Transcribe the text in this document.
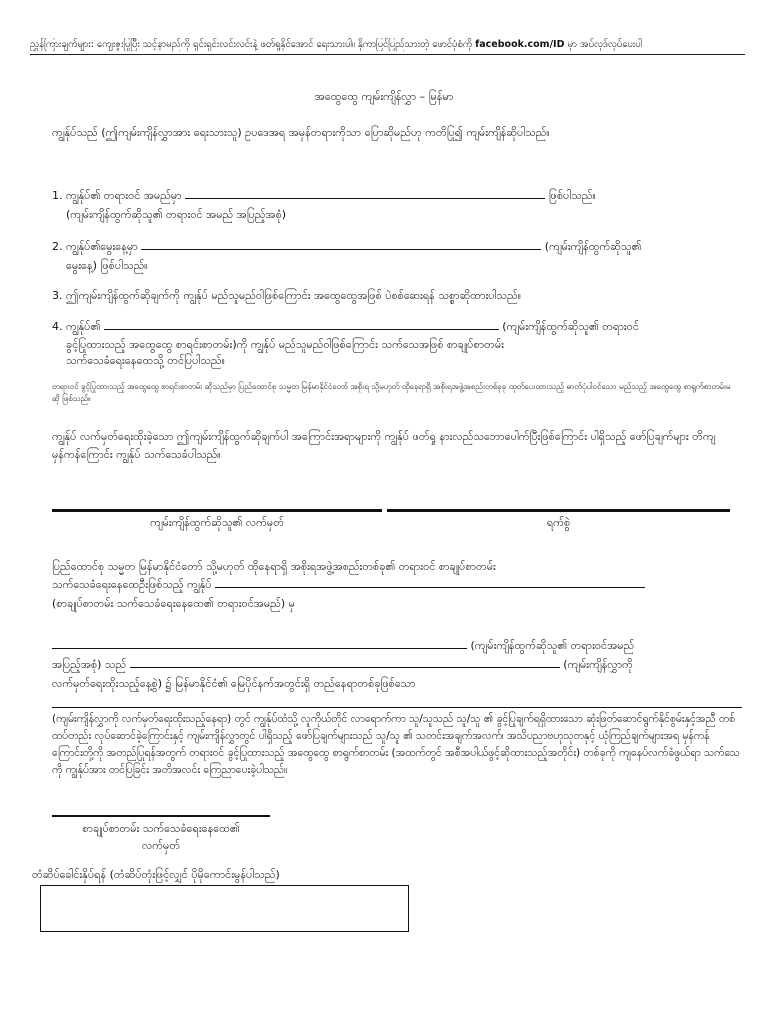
ညွှန်ကြားချက်များ: ကျေးဇူးပြုပြီး သင့်နာမည်ကို ရှင်းရှင်းလင်းလင်းနဲ့ ဖတ်ရှုနိုင်အောင် ရေးသားပါ။ နိုကာပြင်ပြည်သားတဲ့ ဖောင်ပုံစံကို facebook.com/ID မှာ အပ်လုဒ်လုပ်ပေးပါ
အထွေထွေ ကျမ်းကျိန်လွှာ – မြန်မာ
ကျွန်ုပ်သည် (ဤကျမ်းကျိန်လွှာအား ရေးသားသူ) ဥပဒေအရ အမှန်တရားကိုသာ ပြောဆိုမည်ဟု ကတိပြု၍ ကျမ်းကျိန်ဆိုပါသည်။
1. ကျွန်ုပ်၏ တရားဝင် အမည်မှာ	ဖြစ်ပါသည်။
(ကျမ်းကျိန်ထွက်ဆိုသူ၏ တရားဝင် အမည် အပြည့်အစုံ)
2. ကျွန်ုပ်၏မွေးနေ့မှာ	(ကျမ်းကျိန်ထွက်ဆိုသူ၏
မွေးနေ့) ဖြစ်ပါသည်။
3. ဤကျမ်းကျိန်ထွက်ဆိုချက်ကို ကျွန်ုပ် မည်သူမည်ဝါဖြစ်ကြောင်း အထွေထွေအဖြစ် ပဲစစ်ဆေးရန် သစ္စာဆိုထားပါသည်။
4. ကျွန်ုပ်၏	(ကျမ်းကျိန်ထွက်ဆိုသူ၏ တရားဝင်
ခွင့်ပြုထားသည့် အထွေထွေ စာရင်းစာတမ်း)ကို ကျွန်ုပ် မည်သူမည်ဝါဖြစ်ကြောင်း သက်သေအဖြစ် စာချုပ်စာတမ်း
သက်သေခံရေးနေထေသို့ တင်ပြပါသည်။
တရားဝင် ခွင့်ပြုထားသည့် အထွေထွေ စာရင်းစာတမ်း ဆိုသည်မှာ ပြည်ထောင်စု သမ္မတ မြန်မာနိုင်ငံတော် အစိုးရ သို့မဟုတ် ထိုနေရာရှိ အစိုးရအဖွဲ့အစည်းတစ်ခုခု ထုတ်ပေးထားသည့် ဓာတ်ပုံပါဝင်သော မည်သည့် အထွေထွေ စာရွက်စာတမ်းမဆို ဖြစ်သည်။
ကျွန်ုပ် လက်မှတ်ရေးထိုးခဲ့သော ဤကျမ်းကျိန်ထွက်ဆိုချက်ပါ အကြောင်းအရာများကို ကျွန်ုပ် ဖတ်ရှု နားလည်သဘောပေါက်ပြီးဖြစ်ကြောင်း ပါရှိသည့် ဖော်ပြချက်များ တိကျမှန်ကန်ကြောင်း ကျွန်ုပ် သက်သေခံပါသည်။
ကျမ်းကျိန်ထွက်ဆိုသူ၏ လက်မှတ်	ရက်စွဲ
ပြည်ထောင်စု သမ္မတ မြန်မာနိုင်ငံတော် သို့မဟုတ် ထိုနေရာရှိ အစိုးရအဖွဲ့အစည်းတစ်ခု၏ တရားဝင် စာချုပ်စာတမ်း
သက်သေခံရေးနေထေဦးဖြစ်သည့် ကျွန်ုပ်
(စာချုပ်စာတမ်း သက်သေခံရေးနေထေ၏ တရားဝင်အမည်) မှ
(ကျမ်းကျိန်ထွက်ဆိုသူ၏ တရားဝင်အမည်
အပြည့်အစုံ) သည်	(ကျမ်းကျိန်လွှာကို
လက်မှတ်ရေးထိုးသည့်နေ့စွဲ) ၌ မြန်မာနိုင်ငံ၏ မြေပိုင်နက်အတွင်းရှိ တည်နေရာတစ်ခုဖြစ်သော
(ကျမ်းကျိန်လွှာကို လက်မှတ်ရေးထိုးသည့်နေရာ) တွင် ကျွန်ုပ်ထံသို့ လူကိုယ်တိုင် လာရောက်ကာ သူ/သူသည် သူ/သူ ၏ ခွင့်ပြုချက်ရရှိထားသော ဆုံးဖြတ်ဆောင်ရွက်နိုင်စွမ်းနှင့်အညီ တစ်ထပ်တည်း လုပ်ဆောင်ခဲ့ကြောင်းနှင့် ကျမ်းကျိန်လွှာတွင် ပါရှိသည့် ဖော်ပြချက်များသည် သူ/သူ ၏ သတင်းအချက်အလက်၊ အသိပညာဗဟုသုတနှင့် ယုံကြည်ချက်များအရ မှန်ကန်ကြောင်းတို့ကို အတည်ပြုရန်အတွက် တရားဝင် ခွင့်ပြုထားသည့် အထွေထွေ စာရွက်စာတမ်း (အထက်တွင် အစီအပါယ်ဖွင့်ဆိုထားသည့်အတိုင်း) တစ်ခုကို ကျနေပ်လက်ခံဖွယ်ရာ သက်သေကို ကျွန်ုပ်အား တင်ပြခြင်း အတိအလင်း ကြေညာပေးခဲ့ပါသည်။
စာချုပ်စာတမ်း သက်သေခံရေးနေထေ၏
လက်မှတ်
တံဆိပ်ခေါင်းနှိပ်ရန် (တံဆိပ်တုံးဖြင့်လျှင် ပိုမိုကောင်းမွန်ပါသည်)
